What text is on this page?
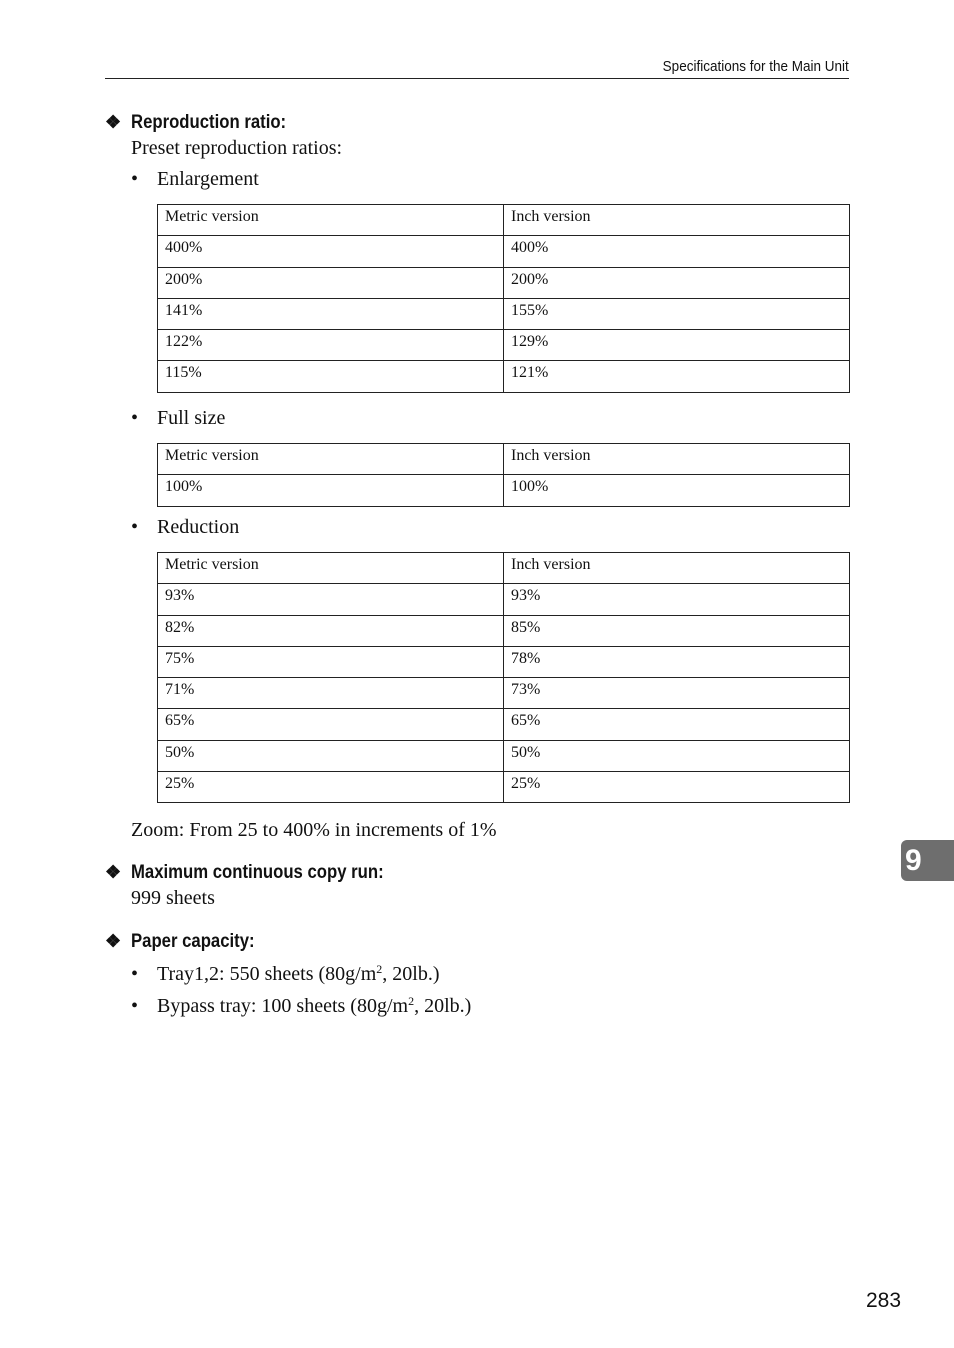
Specifications for the Main Unit
❖ Reproduction ratio:
Preset reproduction ratios:
• Enlargement
Metric version	Inch version
400%	400%
200%	200%
141%	155%
122%	129%
115%	121%
• Full size
Metric version	Inch version
100%	100%
• Reduction
Metric version	Inch version
93%	93%
82%	85%
75%	78%
71%	73%
65%	65%
50%	50%
25%	25%
Zoom: From 25 to 400% in increments of 1%
❖ Maximum continuous copy run:
999 sheets
❖ Paper capacity:
• Tray1,2: 550 sheets ($80g/m^2$, 20lb.)
• Bypass tray: 100 sheets ($80g/m^2$, 20lb.)
9
283
